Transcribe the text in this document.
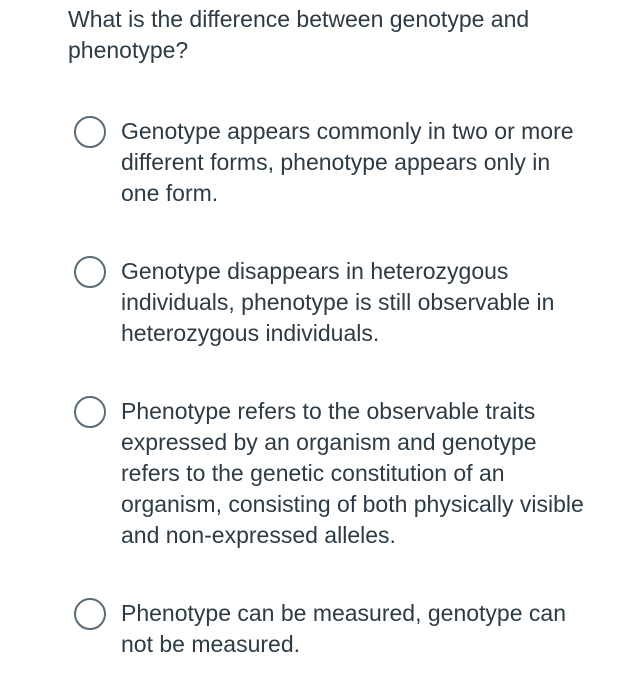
What is the difference between genotype and phenotype?
Genotype appears commonly in two or more different forms, phenotype appears only in one form.
Genotype disappears in heterozygous individuals, phenotype is still observable in heterozygous individuals.
Phenotype refers to the observable traits expressed by an organism and genotype refers to the genetic constitution of an organism, consisting of both physically visible and non-expressed alleles.
Phenotype can be measured, genotype can not be measured.
